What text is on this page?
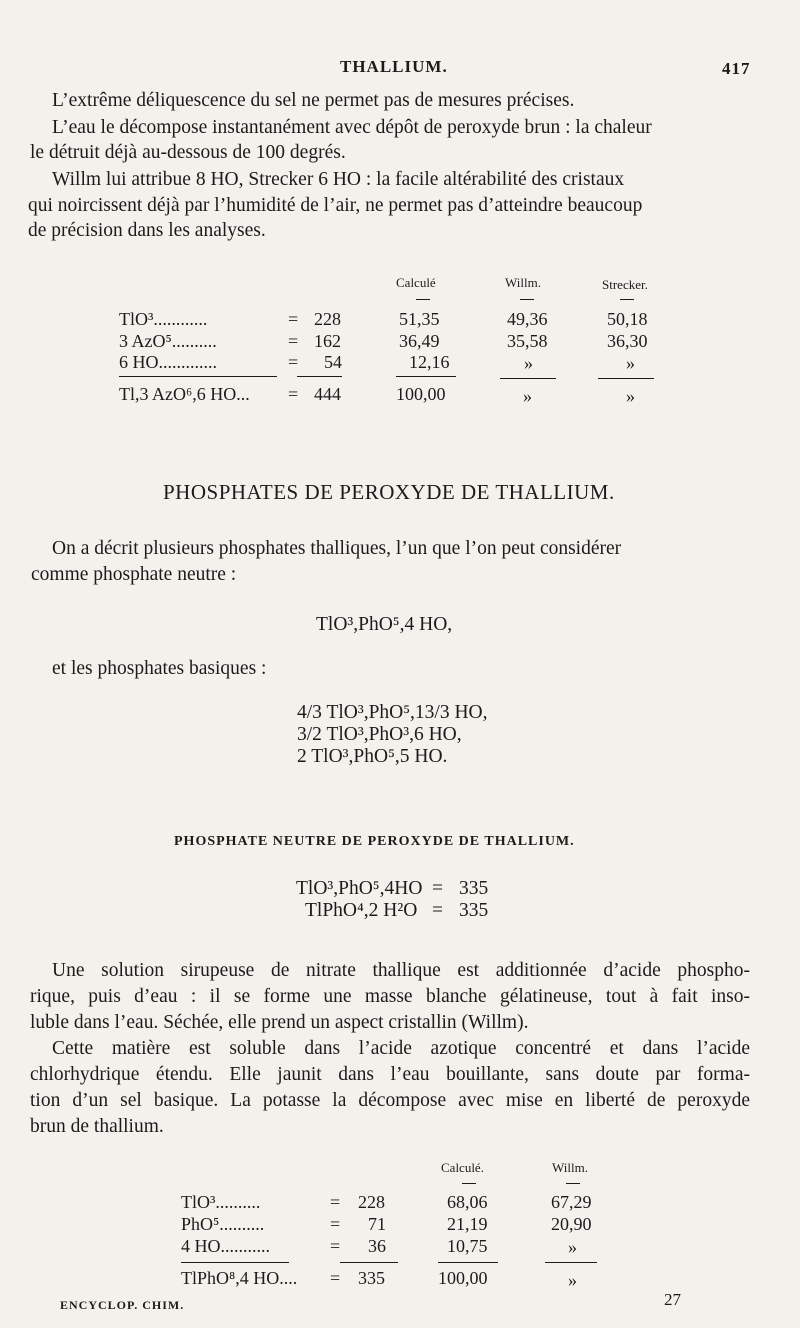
THALLIUM.	417
L’extrême déliquescence du sel ne permet pas de mesures précises.
L’eau le décompose instantanément avec dépôt de peroxyde brun : la chaleur
le détruit déjà au-dessous de 100 degrés.
Willm lui attribue 8 HO, Strecker 6 HO : la facile altérabilité des cristaux
qui noircissent déjà par l’humidité de l’air, ne permet pas d’atteindre beaucoup
de précision dans les analyses.
Calculé	Willm.	Strecker.
TlO³............	= 228	51,35	49,36	50,18
3 AzO⁵..........	= 162	36,49	35,58	36,30
6 HO.............	= 54	12,16	»	»
Tl,3 AzO⁶,6 HO... = 444	100,00	»	»
PHOSPHATES DE PEROXYDE DE THALLIUM.
On a décrit plusieurs phosphates thalliques, l’un que l’on peut considérer
comme phosphate neutre :
TlO³,PhO⁵,4 HO,
et les phosphates basiques :
4/3 TlO³,PhO⁵,13/3 HO,
3/2 TlO³,PhO³,6 HO,
2 TlO³,PhO⁵,5 HO.
PHOSPHATE NEUTRE DE PEROXYDE DE THALLIUM.
TlO³,PhO⁵,4HO = 335
TlPhO⁴,2 H²O = 335
Une solution sirupeuse de nitrate thallique est additionnée d’acide phospho-
rique, puis d’eau : il se forme une masse blanche gélatineuse, tout à fait inso-
luble dans l’eau. Séchée, elle prend un aspect cristallin (Willm).
Cette matière est soluble dans l’acide azotique concentré et dans l’acide
chlorhydrique étendu. Elle jaunit dans l’eau bouillante, sans doute par forma-
tion d’un sel basique. La potasse la décompose avec mise en liberté de peroxyde
brun de thallium.
Calculé.	Willm.
TlO³..........	= 228	68,06	67,29
PhO⁵..........	= 71	21,19	20,90
4 HO...........	= 36	10,75	»
TlPhO⁸,4 HO.... = 335	100,00	»
ENCYCLOP. CHIM.	27
